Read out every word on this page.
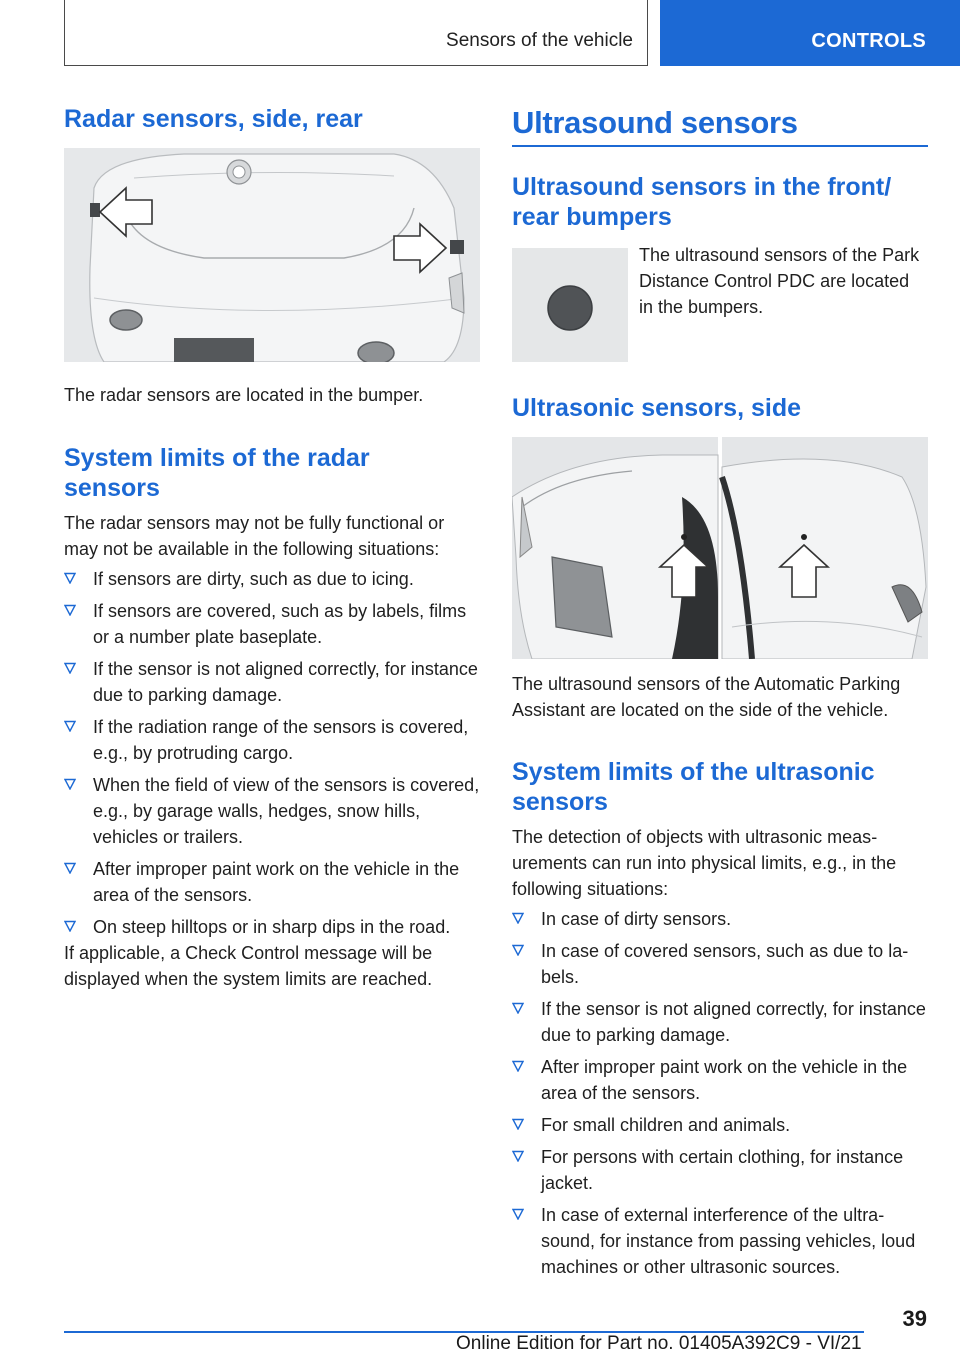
Sensors of the vehicle	CONTROLS
Radar sensors, side, rear

The radar sensors are located in the bumper.

System limits of the radar sensors

The radar sensors may not be fully functional or may not be available in the following situations:

If sensors are dirty, such as due to icing.
If sensors are covered, such as by labels, films or a number plate baseplate.
If the sensor is not aligned correctly, for instance due to parking damage.
If the radiation range of the sensors is covered, e.g., by protruding cargo.
When the field of view of the sensors is covered, e.g., by garage walls, hedges, snow hills, vehicles or trailers.
After improper paint work on the vehicle in the area of the sensors.
On steep hilltops or in sharp dips in the road.

If applicable, a Check Control message will be displayed when the system limits are reached.

Ultrasound sensors
Ultrasound sensors in the front/ rear bumpers

The ultrasound sensors of the Park Distance Control PDC are located in the bumpers.

Ultrasonic sensors, side

The ultrasound sensors of the Automatic Parking Assistant are located on the side of the vehicle.

System limits of the ultrasonic sensors

The detection of objects with ultrasonic measurements can run into physical limits, e.g., in the following situations:

In case of dirty sensors.
In case of covered sensors, such as due to labels.
If the sensor is not aligned correctly, for instance due to parking damage.
After improper paint work on the vehicle in the area of the sensors.
For small children and animals.
For persons with certain clothing, for instance jacket.
In case of external interference of the ultrasound, for instance from passing vehicles, loud machines or other ultrasonic sources.
39
Online Edition for Part no. 01405A392C9 - VI/21
